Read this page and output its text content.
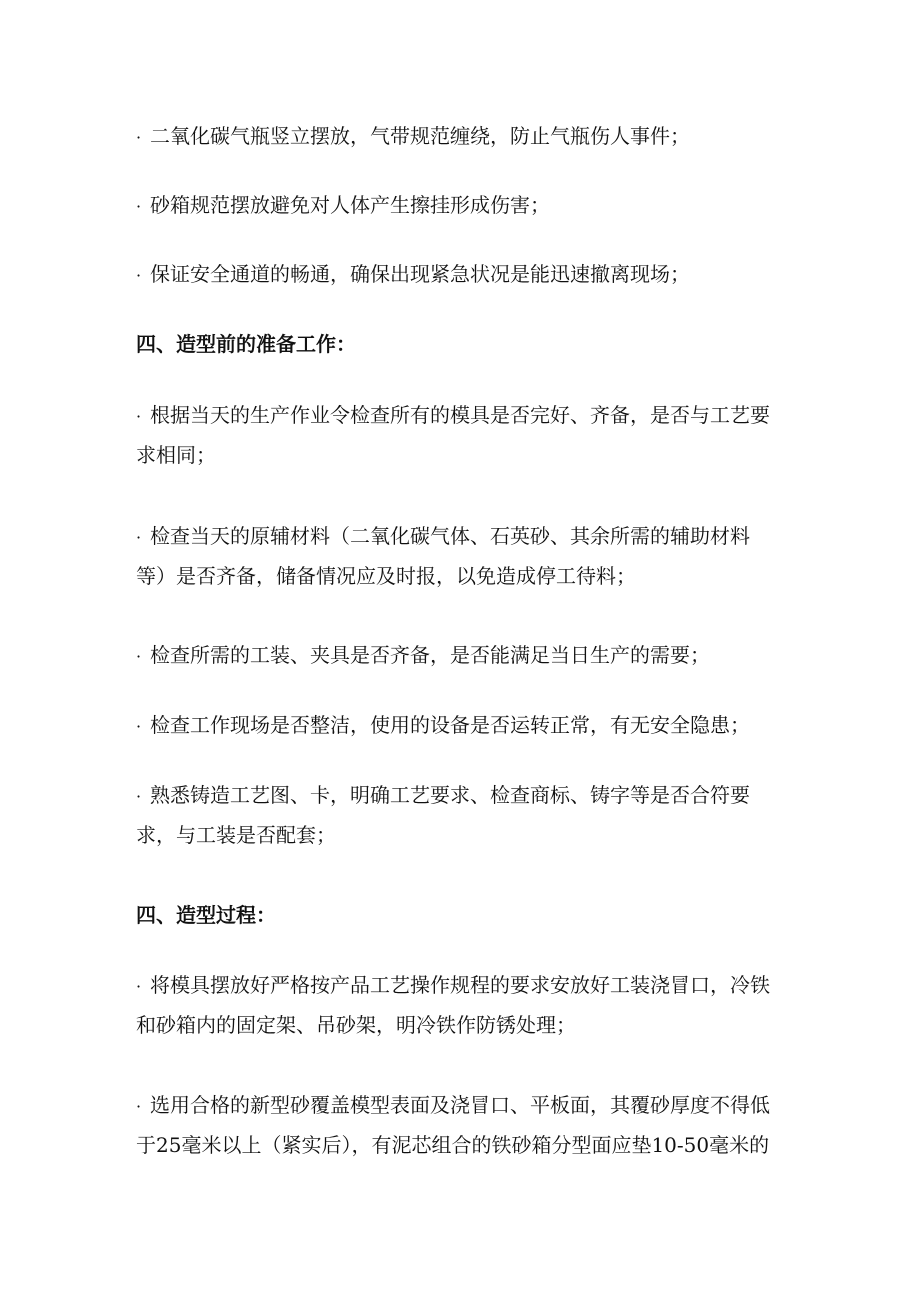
· 二氧化碳气瓶竖立摆放，气带规范缠绕，防止气瓶伤人事件；
· 砂箱规范摆放避免对人体产生擦挂形成伤害；
· 保证安全通道的畅通，确保出现紧急状况是能迅速撤离现场；
四、造型前的准备工作：
· 根据当天的生产作业令检查所有的模具是否完好、齐备，是否与工艺要
求相同；
· 检查当天的原辅材料（二氧化碳气体、石英砂、其余所需的辅助材料
等）是否齐备，储备情况应及时报，以免造成停工待料；
· 检查所需的工装、夹具是否齐备，是否能满足当日生产的需要；
· 检查工作现场是否整洁，使用的设备是否运转正常，有无安全隐患；
· 熟悉铸造工艺图、卡，明确工艺要求、检查商标、铸字等是否合符要
求，与工装是否配套；
四、造型过程：
· 将模具摆放好严格按产品工艺操作规程的要求安放好工装浇冒口，冷铁
和砂箱内的固定架、吊砂架，明冷铁作防锈处理；
· 选用合格的新型砂覆盖模型表面及浇冒口、平板面，其覆砂厚度不得低
于25毫米以上（紧实后），有泥芯组合的铁砂箱分型面应垫10-50毫米的
